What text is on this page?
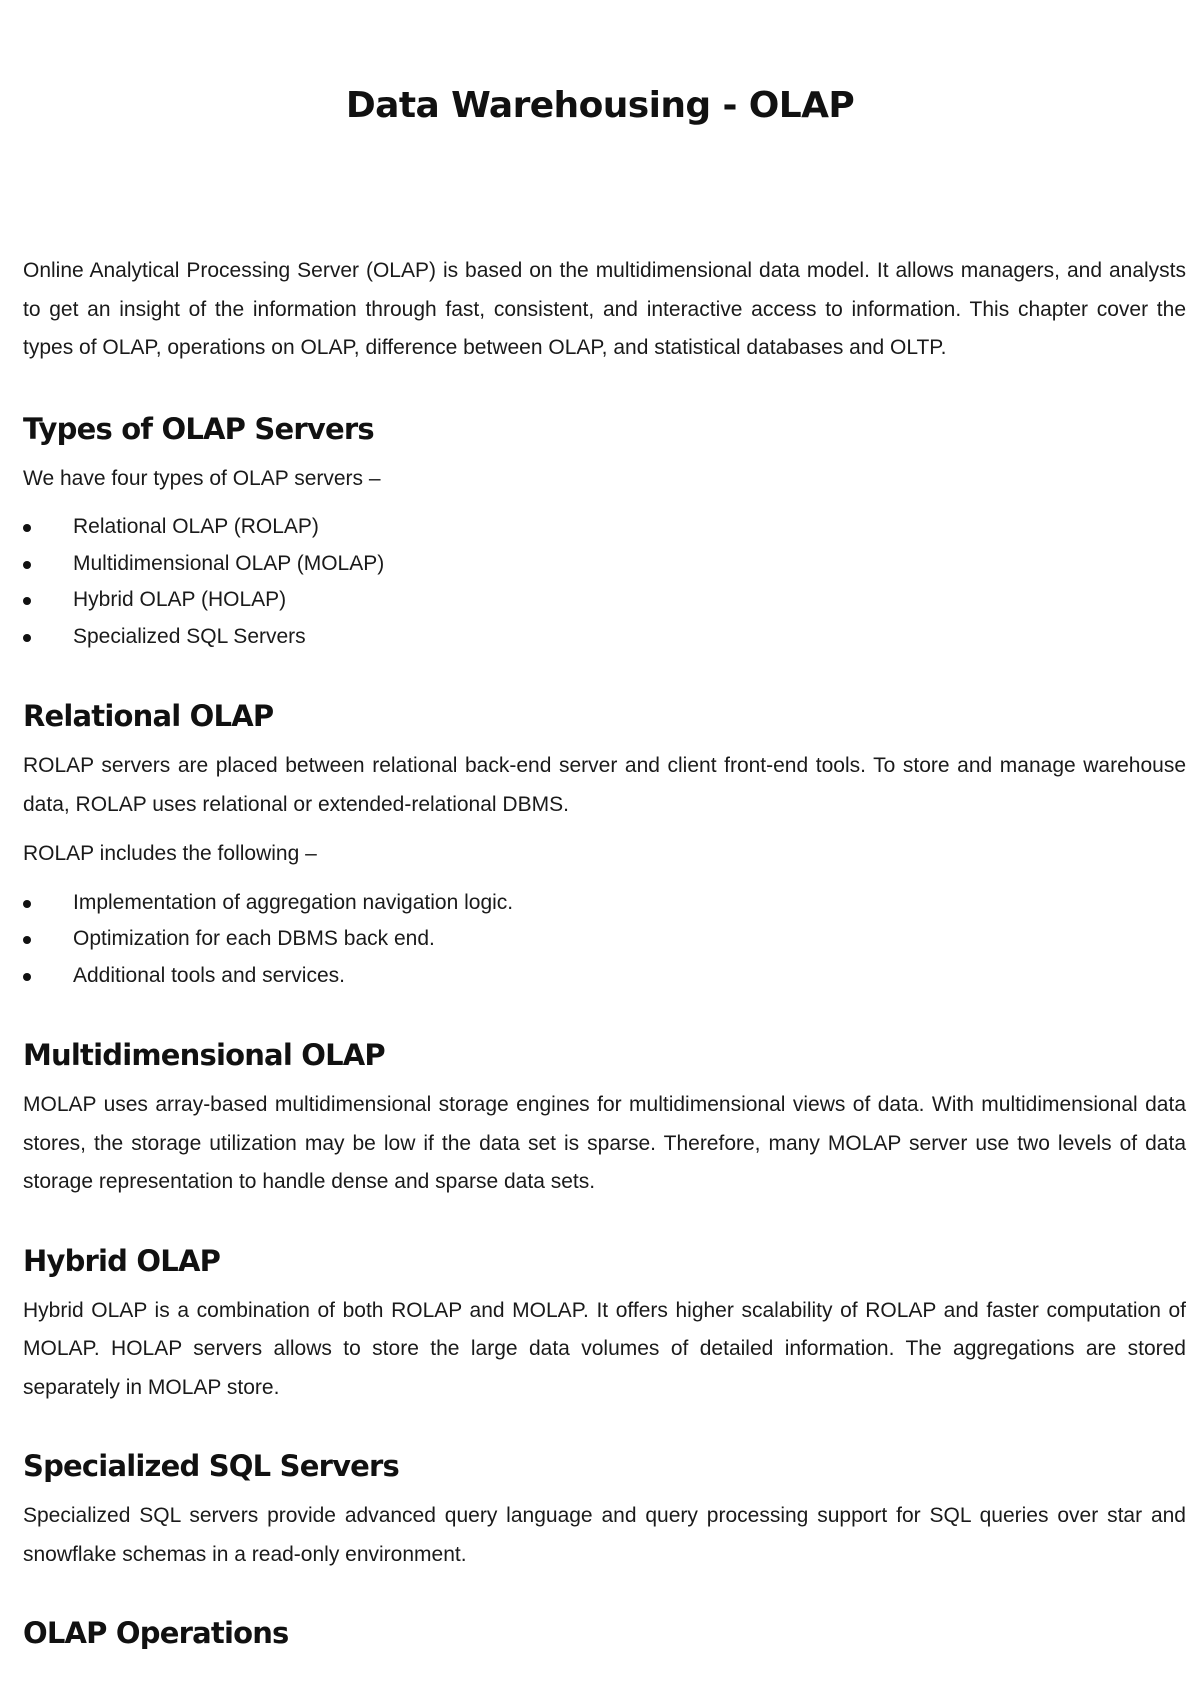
Data Warehousing - OLAP

Online Analytical Processing Server (OLAP) is based on the multidimensional data model. It allows managers, and analysts to get an insight of the information through fast, consistent, and interactive access to information. This chapter cover the types of OLAP, operations on OLAP, difference between OLAP, and statistical databases and OLTP.

Types of OLAP Servers

We have four types of OLAP servers –

Relational OLAP (ROLAP)
Multidimensional OLAP (MOLAP)
Hybrid OLAP (HOLAP)
Specialized SQL Servers
Relational OLAP

ROLAP servers are placed between relational back-end server and client front-end tools. To store and manage warehouse data, ROLAP uses relational or extended-relational DBMS.

ROLAP includes the following –

Implementation of aggregation navigation logic.
Optimization for each DBMS back end.
Additional tools and services.
Multidimensional OLAP

MOLAP uses array-based multidimensional storage engines for multidimensional views of data. With multidimensional data stores, the storage utilization may be low if the data set is sparse. Therefore, many MOLAP server use two levels of data storage representation to handle dense and sparse data sets.

Hybrid OLAP

Hybrid OLAP is a combination of both ROLAP and MOLAP. It offers higher scalability of ROLAP and faster computation of MOLAP. HOLAP servers allows to store the large data volumes of detailed information. The aggregations are stored separately in MOLAP store.

Specialized SQL Servers

Specialized SQL servers provide advanced query language and query processing support for SQL queries over star and snowflake schemas in a read-only environment.

OLAP Operations
